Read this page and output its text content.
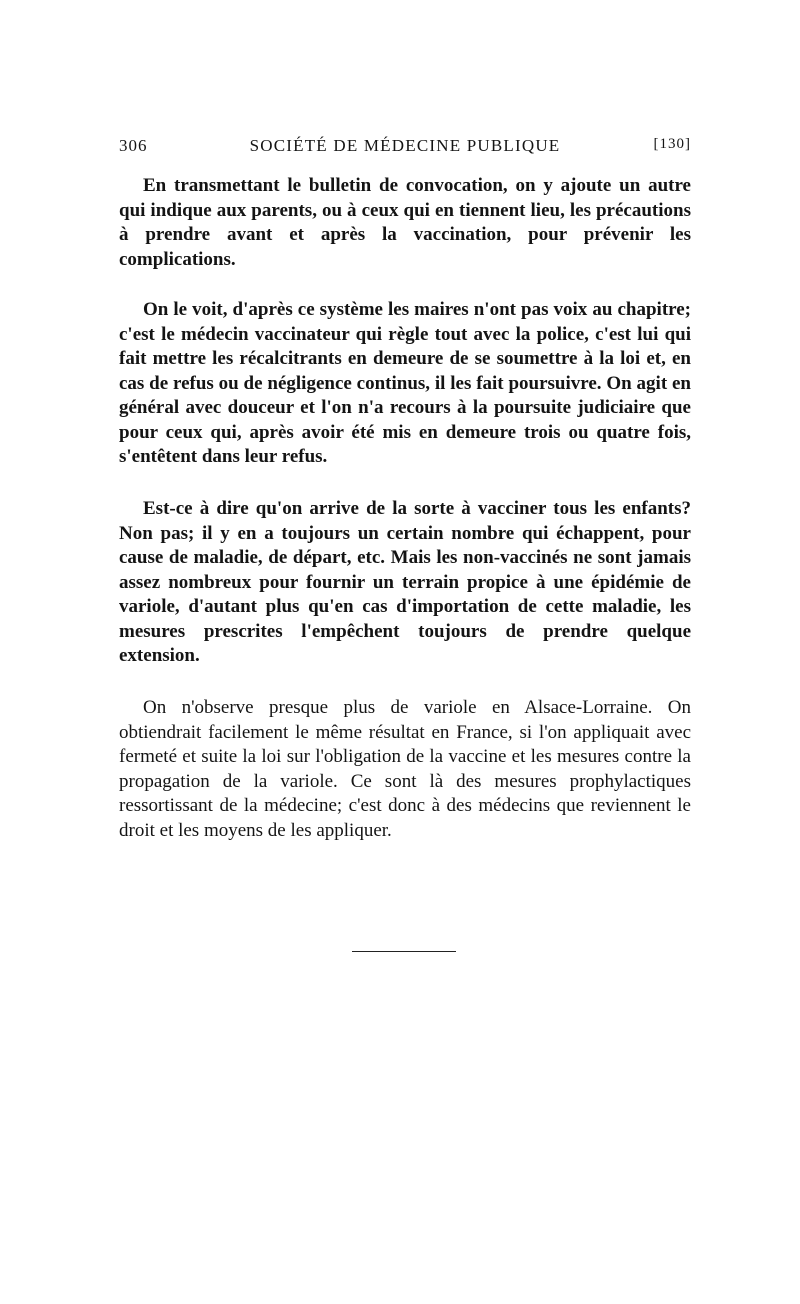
306	SOCIÉTÉ DE MÉDECINE PUBLIQUE	[130]

En transmettant le bulletin de convocation, on y ajoute un autre qui indique aux parents, ou à ceux qui en tiennent lieu, les précautions à prendre avant et après la vaccination, pour prévenir les complications.

On le voit, d'après ce système les maires n'ont pas voix au chapitre; c'est le médecin vaccinateur qui règle tout avec la police, c'est lui qui fait mettre les récalcitrants en demeure de se soumettre à la loi et, en cas de refus ou de négligence continus, il les fait poursuivre. On agit en général avec douceur et l'on n'a recours à la poursuite judiciaire que pour ceux qui, après avoir été mis en demeure trois ou quatre fois, s'entêtent dans leur refus.

Est-ce à dire qu'on arrive de la sorte à vacciner tous les enfants? Non pas; il y en a toujours un certain nombre qui échappent, pour cause de maladie, de départ, etc. Mais les non-vaccinés ne sont jamais assez nombreux pour fournir un terrain propice à une épidémie de variole, d'autant plus qu'en cas d'importation de cette maladie, les mesures prescrites l'empêchent toujours de prendre quelque extension.

On n'observe presque plus de variole en Alsace-Lorraine. On obtiendrait facilement le même résultat en France, si l'on appliquait avec fermeté et suite la loi sur l'obligation de la vaccine et les mesures contre la propagation de la variole. Ce sont là des mesures prophylactiques ressortissant de la médecine; c'est donc à des médecins que reviennent le droit et les moyens de les appliquer.
